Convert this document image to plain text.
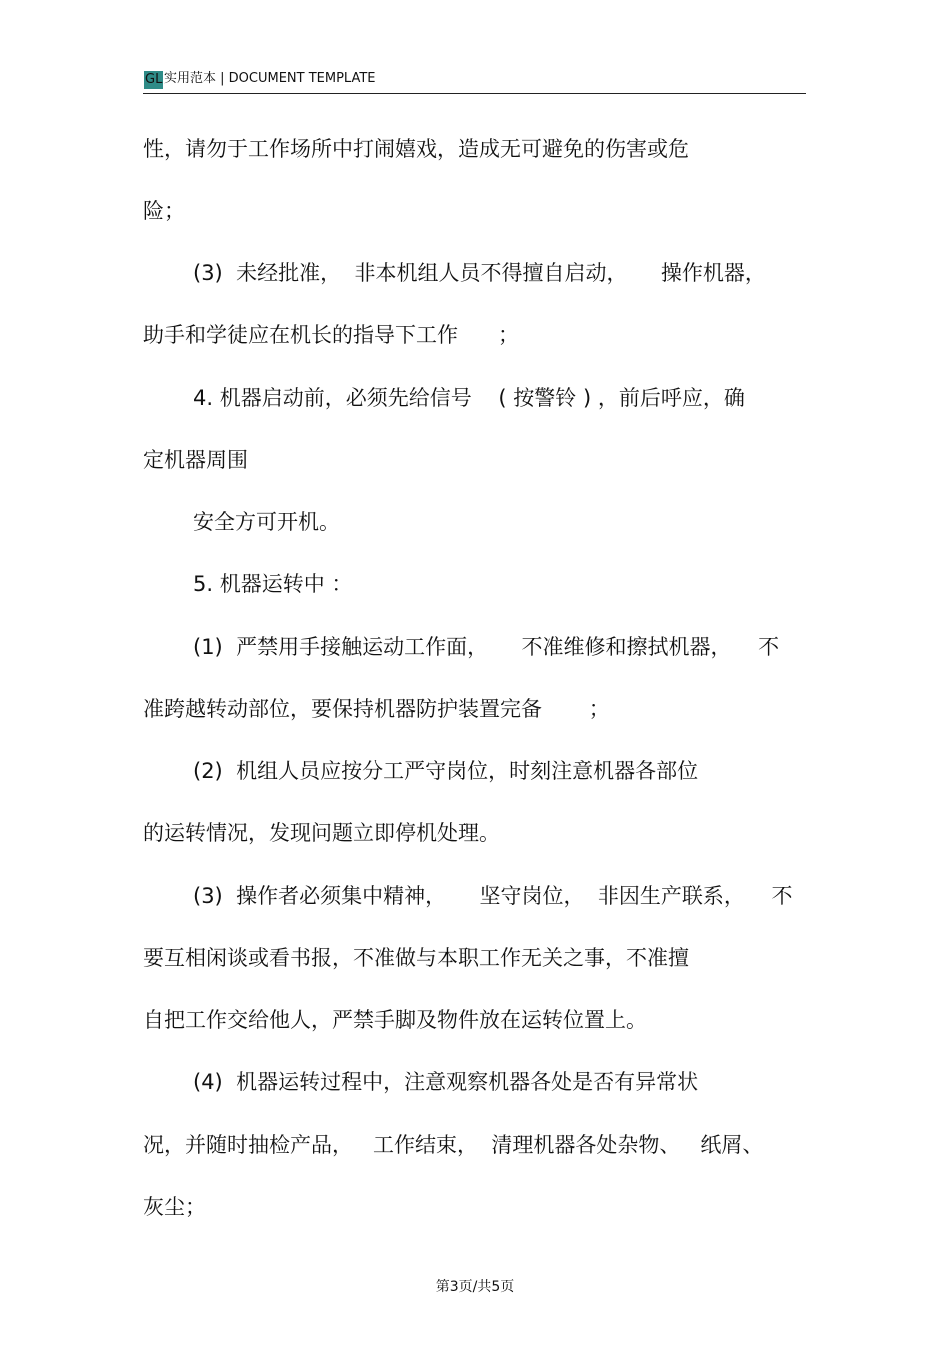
GL 实用范本 | DOCUMENT TEMPLATE
性，请勿于工作场所中打闹嬉戏，造成无可避免的伤害或危
险；
(3)  未经批准，  非本机组人员不得擅自启动，     操作机器，
助手和学徒应在机长的指导下工作      ；
4. 机器启动前，必须先给信号    ( 按警铃 ) ，前后呼应，确
定机器周围
安全方可开机。
5. 机器运转中 ：
(1)  严禁用手接触运动工作面，     不准维修和擦拭机器，    不
准跨越转动部位，要保持机器防护装置完备       ；
(2)  机组人员应按分工严守岗位，时刻注意机器各部位
的运转情况，发现问题立即停机处理。
(3)  操作者必须集中精神，     坚守岗位，  非因生产联系，    不
要互相闲谈或看书报，不准做与本职工作无关之事，不准擅
自把工作交给他人，严禁手脚及物件放在运转位置上。
(4)  机器运转过程中，注意观察机器各处是否有异常状
况，并随时抽检产品，   工作结束，  清理机器各处杂物、   纸屑、
灰尘；
第3页/共5页
